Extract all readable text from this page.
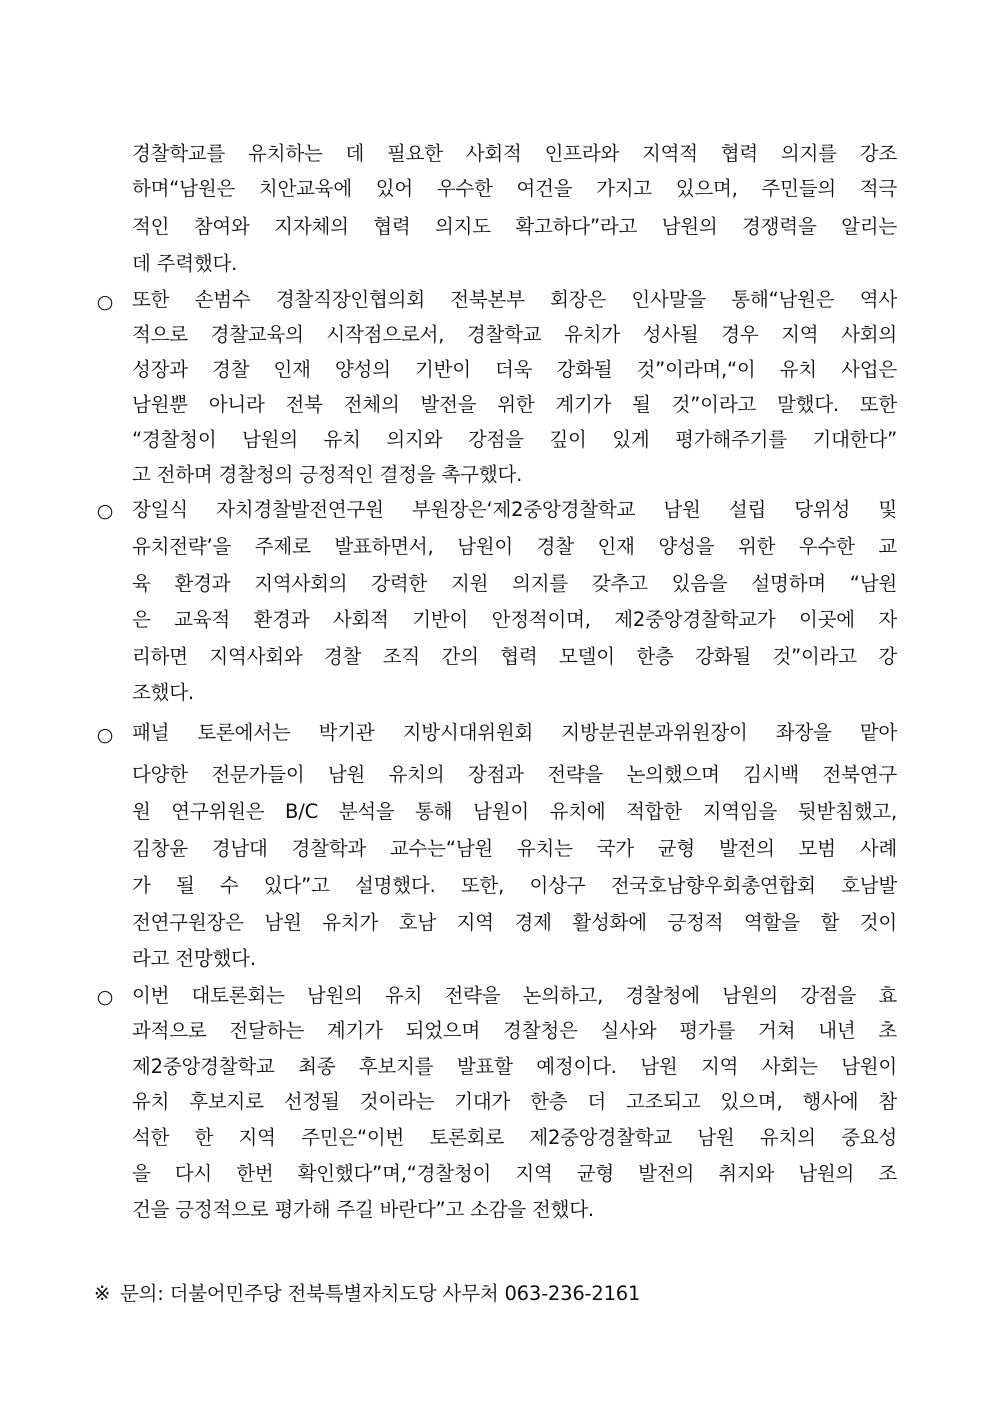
경찰학교를 유치하는 데 필요한 사회적 인프라와 지역적 협력 의지를 강조
하며“남원은 치안교육에 있어 우수한 여건을 가지고 있으며, 주민들의 적극
적인 참여와 지자체의 협력 의지도 확고하다”라고 남원의 경쟁력을 알리는
데 주력했다.
○ 또한 손범수 경찰직장인협의회 전북본부 회장은 인사말을 통해“남원은 역사
적으로 경찰교육의 시작점으로서, 경찰학교 유치가 성사될 경우 지역 사회의
성장과 경찰 인재 양성의 기반이 더욱 강화될 것”이라며,“이 유치 사업은
남원뿐 아니라 전북 전체의 발전을 위한 계기가 될 것”이라고 말했다. 또한
“경찰청이 남원의 유치 의지와 강점을 깊이 있게 평가해주기를 기대한다”
고 전하며 경찰청의 긍정적인 결정을 촉구했다.
○ 장일식 자치경찰발전연구원 부원장은‘제2중앙경찰학교 남원 설립 당위성 및
유치전략’을 주제로 발표하면서, 남원이 경찰 인재 양성을 위한 우수한 교
육 환경과 지역사회의 강력한 지원 의지를 갖추고 있음을 설명하며 “남원
은 교육적 환경과 사회적 기반이 안정적이며, 제2중앙경찰학교가 이곳에 자
리하면 지역사회와 경찰 조직 간의 협력 모델이 한층 강화될 것”이라고 강
조했다.
○ 패널 토론에서는 박기관 지방시대위원회 지방분권분과위원장이 좌장을 맡아
다양한 전문가들이 남원 유치의 장점과 전략을 논의했으며 김시백 전북연구
원 연구위원은 B/C 분석을 통해 남원이 유치에 적합한 지역임을 뒷받침했고,
김창윤 경남대 경찰학과 교수는“남원 유치는 국가 균형 발전의 모범 사례
가 될 수 있다”고 설명했다. 또한, 이상구 전국호남향우회총연합회 호남발
전연구원장은 남원 유치가 호남 지역 경제 활성화에 긍정적 역할을 할 것이
라고 전망했다.
○ 이번 대토론회는 남원의 유치 전략을 논의하고, 경찰청에 남원의 강점을 효
과적으로 전달하는 계기가 되었으며 경찰청은 실사와 평가를 거쳐 내년 초
제2중앙경찰학교 최종 후보지를 발표할 예정이다. 남원 지역 사회는 남원이
유치 후보지로 선정될 것이라는 기대가 한층 더 고조되고 있으며, 행사에 참
석한 한 지역 주민은“이번 토론회로 제2중앙경찰학교 남원 유치의 중요성
을 다시 한번 확인했다”며,“경찰청이 지역 균형 발전의 취지와 남원의 조
건을 긍정적으로 평가해 주길 바란다”고 소감을 전했다.
※ 문의: 더불어민주당 전북특별자치도당 사무처 063-236-2161
